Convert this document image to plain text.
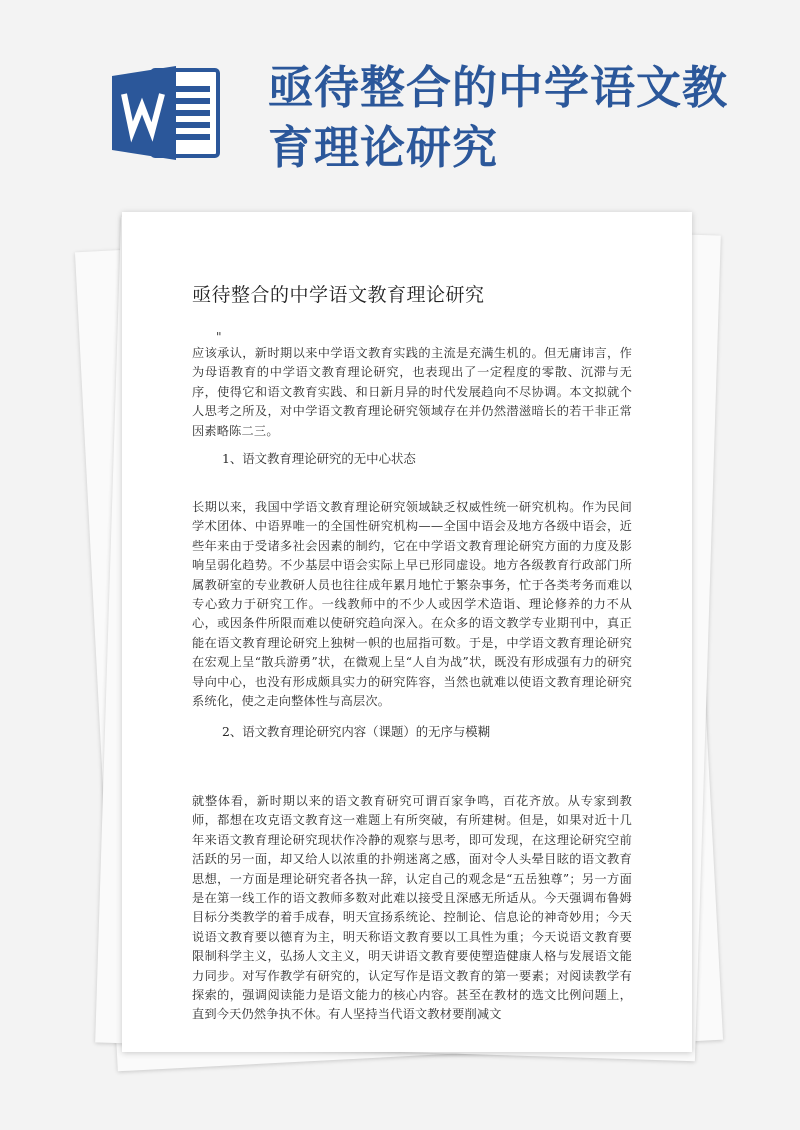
亟待整合的中学语文教育理论研究
亟待整合的中学语文教育理论研究
"

应该承认，新时期以来中学语文教育实践的主流是充满生机的。但无庸讳言，作为母语教育的中学语文教育理论研究，也表现出了一定程度的零散、沉滞与无序，使得它和语文教育实践、和日新月异的时代发展趋向不尽协调。本文拟就个人思考之所及，对中学语文教育理论研究领域存在并仍然潜滋暗长的若干非正常因素略陈二三。

1、语文教育理论研究的无中心状态

长期以来，我国中学语文教育理论研究领域缺乏权威性统一研究机构。作为民间学术团体、中语界唯一的全国性研究机构——全国中语会及地方各级中语会，近些年来由于受诸多社会因素的制约，它在中学语文教育理论研究方面的力度及影响呈弱化趋势。不少基层中语会实际上早已形同虚设。地方各级教育行政部门所属教研室的专业教研人员也往往成年累月地忙于繁杂事务，忙于各类考务而难以专心致力于研究工作。一线教师中的不少人或因学术造诣、理论修养的力不从心，或因条件所限而难以使研究趋向深入。在众多的语文教学专业期刊中，真正能在语文教育理论研究上独树一帜的也屈指可数。于是，中学语文教育理论研究在宏观上呈“散兵游勇”状，在微观上呈“人自为战”状，既没有形成强有力的研究导向中心，也没有形成颇具实力的研究阵容，当然也就难以使语文教育理论研究系统化，使之走向整体性与高层次。

2、语文教育理论研究内容（课题）的无序与模糊

就整体看，新时期以来的语文教育研究可谓百家争鸣，百花齐放。从专家到教师，都想在攻克语文教育这一难题上有所突破，有所建树。但是，如果对近十几年来语文教育理论研究现状作冷静的观察与思考，即可发现，在这理论研究空前活跃的另一面，却又给人以浓重的扑朔迷离之感，面对令人头晕目眩的语文教育思想，一方面是理论研究者各执一辞，认定自己的观念是“五岳独尊”；另一方面是在第一线工作的语文教师多数对此难以接受且深感无所适从。今天强调布鲁姆目标分类教学的着手成春，明天宣扬系统论、控制论、信息论的神奇妙用；今天说语文教育要以德育为主，明天称语文教育要以工具性为重；今天说语文教育要限制科学主义，弘扬人文主义，明天讲语文教育要使塑造健康人格与发展语文能力同步。对写作教学有研究的，认定写作是语文教育的第一要素；对阅读教学有探索的，强调阅读能力是语文能力的核心内容。甚至在教材的选文比例问题上，直到今天仍然争执不休。有人坚持当代语文教材要削减文
